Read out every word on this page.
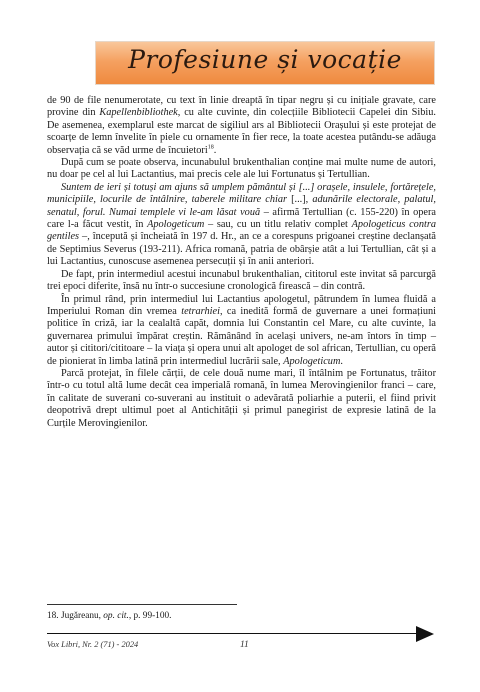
Profesiune și vocație

de 90 de file nenumerotate, cu text în linie dreaptă în tipar negru și cu inițiale gravate, care provine din Kapellenbibliothek, cu alte cuvinte, din colecțiile Bibliotecii Capelei din Sibiu. De asemenea, exemplarul este marcat de sigiliul ars al Bibliotecii Orașului și este protejat de scoarțe de lemn învelite în piele cu ornamente în fier rece, la toate acestea putându-se adăuga observația că se văd urme de încuietori$^{18}$.

După cum se poate observa, incunabulul brukenthalian conține mai multe nume de autori, nu doar pe cel al lui Lactantius, mai precis cele ale lui Fortunatus și Tertullian.

Suntem de ieri și totuși am ajuns să umplem pământul și [...] orașele, insulele, fortărețele, municipiile, locurile de întâlnire, taberele militare chiar [...], adunările electorale, palatul, senatul, forul. Numai templele vi le-am lăsat vouă – afirmă Tertullian (c. 155-220) în opera care l-a făcut vestit, în Apologeticum – sau, cu un titlu relativ complet Apologeticus contra gentiles –, începută și încheiată în 197 d. Hr., an ce a corespuns prigoanei creștine declanșată de Septimius Severus (193-211). Africa romană, patria de obârșie atât a lui Tertullian, cât și a lui Lactantius, cunoscuse asemenea persecuții și în anii anteriori.

De fapt, prin intermediul acestui incunabul brukenthalian, cititorul este invitat să parcurgă trei epoci diferite, însă nu într-o succesiune cronologică firească – din contră.

În primul rând, prin intermediul lui Lactantius apologetul, pătrundem în lumea fluidă a Imperiului Roman din vremea tetrarhiei, ca inedită formă de guvernare a unei formațiuni politice în criză, iar la cealaltă capăt, domnia lui Constantin cel Mare, cu alte cuvinte, la guvernarea primului împărat creștin. Rămânând în același univers, ne-am întors în timp – autor și cititori/cititoare – la viața și opera unui alt apologet de sol african, Tertullian, cu operă de pionierat în limba latină prin intermediul lucrării sale, Apologeticum.

Parcă protejat, în filele cărții, de cele două nume mari, îl întâlnim pe Fortunatus, trăitor într-o cu totul altă lume decât cea imperială romană, în lumea Merovingienilor franci – care, în calitate de suverani co-suverani au instituit o adevărată poliarhie a puterii, el fiind privit deopotrivă drept ultimul poet al Antichității și primul panegirist de expresie latină de la Curțile Merovingienilor.

18. Jugăreanu, op. cit., p. 99-100.
Vox Libri, Nr. 2 (71) - 2024	11
